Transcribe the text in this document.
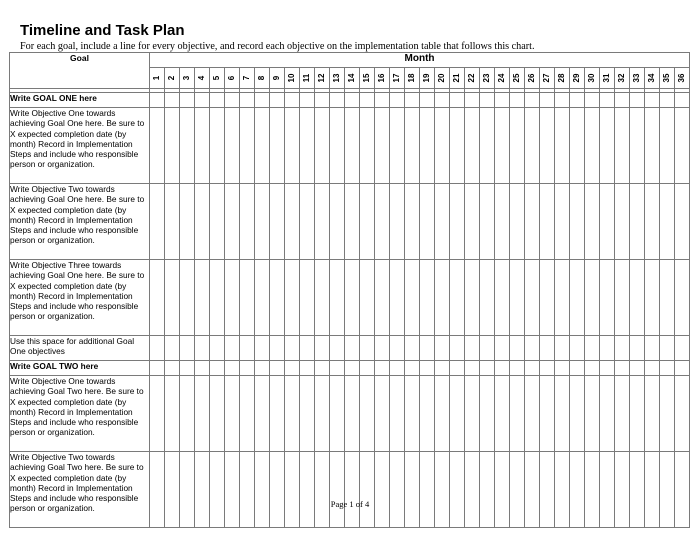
Timeline and Task Plan

For each goal, include a line for every objective, and record each objective on the implementation table that follows this chart.

Goal	Month																																			

	1	2	3	4	5	6	7	8	9	10	11	12	13	14	15	16	17	18	19	20	21	22	23	24	25	26	27	28	29	30	31	32	33	34	35	36

Write GOAL ONE here																																				
Write Objective One towards achieving Goal One here. Be sure to X expected completion date (by month) Record in Implementation Steps and include who responsible person or organization.																																				
Write Objective Two towards achieving Goal One here. Be sure to X expected completion date (by month) Record in Implementation Steps and include who responsible person or organization.																																				
Write Objective Three towards achieving Goal One here. Be sure to X expected completion date (by month) Record in Implementation Steps and include who responsible person or organization.																																				
Use this space for additional Goal One objectives																																				
Write GOAL TWO here																																				
Write Objective One towards achieving Goal Two here. Be sure to X expected completion date (by month) Record in Implementation Steps and include who responsible person or organization.																																				
Write Objective Two towards achieving Goal Two here. Be sure to X expected completion date (by month) Record in Implementation Steps and include who responsible person or organization.																																					Page 1 of 4
